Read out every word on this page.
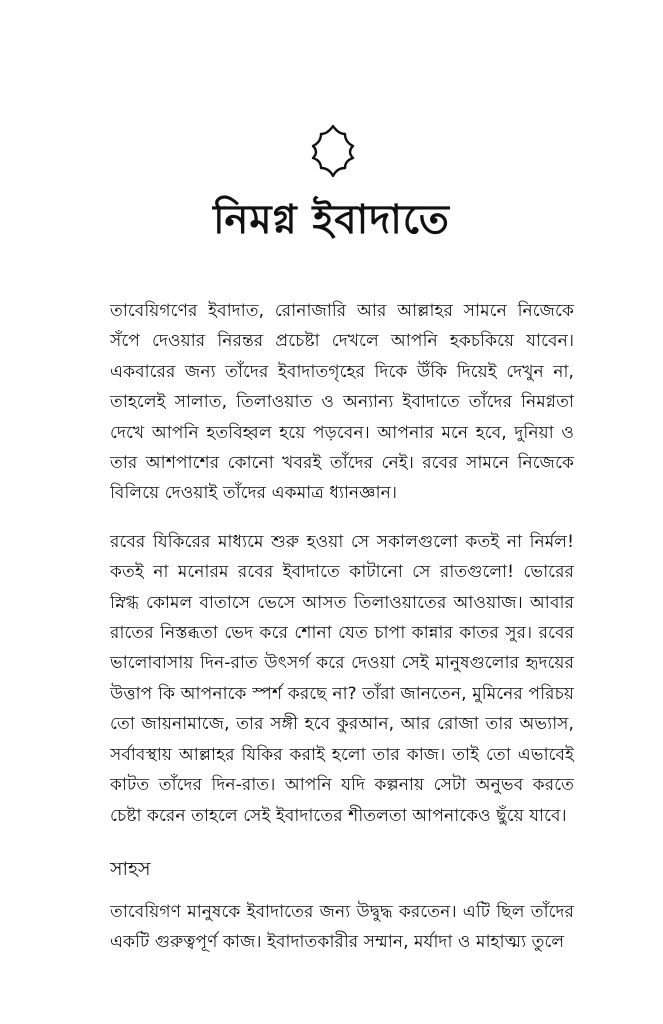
নিমগ্ন ইবাদাতে

তাবেয়িগণের ইবাদাত, রোনাজারি আর আল্লাহর সামনে নিজেকে সঁপে দেওয়ার নিরন্তর প্রচেষ্টা দেখলে আপনি হকচকিয়ে যাবেন। একবারের জন্য তাঁদের ইবাদাতগৃহের দিকে উঁকি দিয়েই দেখুন না, তাহলেই সালাত, তিলাওয়াত ও অন্যান্য ইবাদাতে তাঁদের নিমগ্নতা দেখে আপনি হতবিহ্বল হয়ে পড়বেন। আপনার মনে হবে, দুনিয়া ও তার আশপাশের কোনো খবরই তাঁদের নেই। রবের সামনে নিজেকে বিলিয়ে দেওয়াই তাঁদের একমাত্র ধ্যানজ্ঞান।

রবের যিকিরের মাধ্যমে শুরু হওয়া সে সকালগুলো কতই না নির্মল! কতই না মনোরম রবের ইবাদাতে কাটানো সে রাতগুলো! ভোরের স্নিগ্ধ কোমল বাতাসে ভেসে আসত তিলাওয়াতের আওয়াজ। আবার রাতের নিস্তব্ধতা ভেদ করে শোনা যেত চাপা কান্নার কাতর সুর। রবের ভালোবাসায় দিন-রাত উৎসর্গ করে দেওয়া সেই মানুষগুলোর হৃদয়ের উত্তাপ কি আপনাকে স্পর্শ করছে না? তাঁরা জানতেন, মুমিনের পরিচয় তো জায়নামাজে, তার সঙ্গী হবে কুরআন, আর রোজা তার অভ্যাস, সর্বাবস্থায় আল্লাহর যিকির করাই হলো তার কাজ। তাই তো এভাবেই কাটত তাঁদের দিন-রাত। আপনি যদি কল্পনায় সেটা অনুভব করতে চেষ্টা করেন তাহলে সেই ইবাদাতের শীতলতা আপনাকেও ছুঁয়ে যাবে।

সাহস

তাবেয়িগণ মানুষকে ইবাদাতের জন্য উদ্বুদ্ধ করতেন। এটি ছিল তাঁদের একটি গুরুত্বপূর্ণ কাজ। ইবাদাতকারীর সম্মান, মর্যাদা ও মাহাত্ম্য তুলে
